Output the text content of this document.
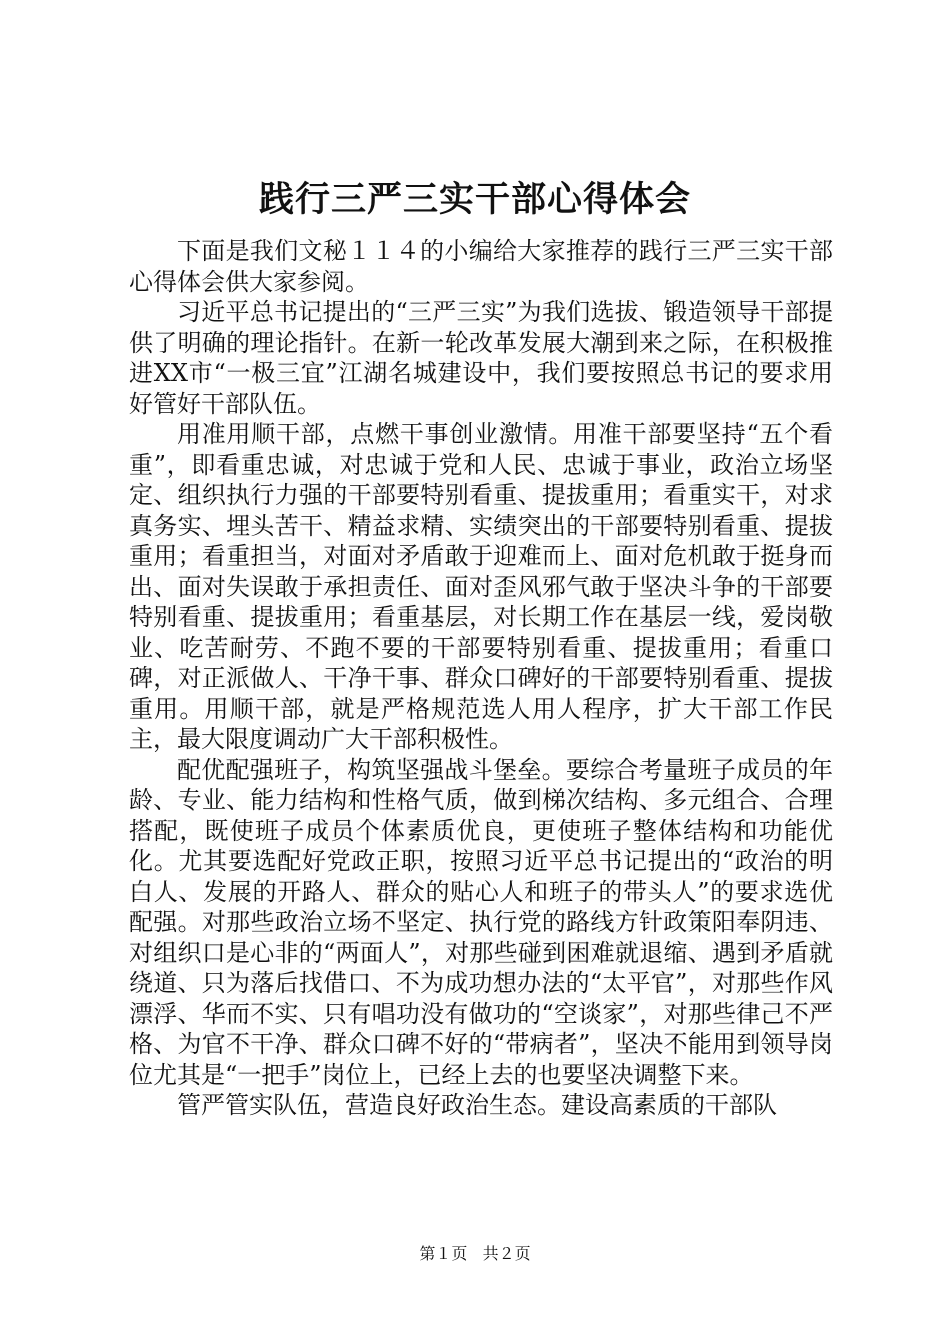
践行三严三实干部心得体会

下面是我们文秘１１４的小编给大家推荐的践行三严三实干部心得体会供大家参阅。

习近平总书记提出的“三严三实”为我们选拔、锻造领导干部提供了明确的理论指针。在新一轮改革发展大潮到来之际，在积极推进XX市“一极三宜”江湖名城建设中，我们要按照总书记的要求用好管好干部队伍。

用准用顺干部，点燃干事创业激情。用准干部要坚持“五个看重”，即看重忠诚，对忠诚于党和人民、忠诚于事业，政治立场坚定、组织执行力强的干部要特别看重、提拔重用；看重实干，对求真务实、埋头苦干、精益求精、实绩突出的干部要特别看重、提拔重用；看重担当，对面对矛盾敢于迎难而上、面对危机敢于挺身而出、面对失误敢于承担责任、面对歪风邪气敢于坚决斗争的干部要特别看重、提拔重用；看重基层，对长期工作在基层一线，爱岗敬业、吃苦耐劳、不跑不要的干部要特别看重、提拔重用；看重口碑，对正派做人、干净干事、群众口碑好的干部要特别看重、提拔重用。用顺干部，就是严格规范选人用人程序，扩大干部工作民主，最大限度调动广大干部积极性。

配优配强班子，构筑坚强战斗堡垒。要综合考量班子成员的年龄、专业、能力结构和性格气质，做到梯次结构、多元组合、合理搭配，既使班子成员个体素质优良，更使班子整体结构和功能优化。尤其要选配好党政正职，按照习近平总书记提出的“政治的明白人、发展的开路人、群众的贴心人和班子的带头人”的要求选优配强。对那些政治立场不坚定、执行党的路线方针政策阳奉阴违、对组织口是心非的“两面人”，对那些碰到困难就退缩、遇到矛盾就绕道、只为落后找借口、不为成功想办法的“太平官”，对那些作风漂浮、华而不实、只有唱功没有做功的“空谈家”，对那些律己不严格、为官不干净、群众口碑不好的“带病者”，坚决不能用到领导岗位尤其是“一把手”岗位上，已经上去的也要坚决调整下来。

管严管实队伍，营造良好政治生态。建设高素质的干部队

第１页 共２页
